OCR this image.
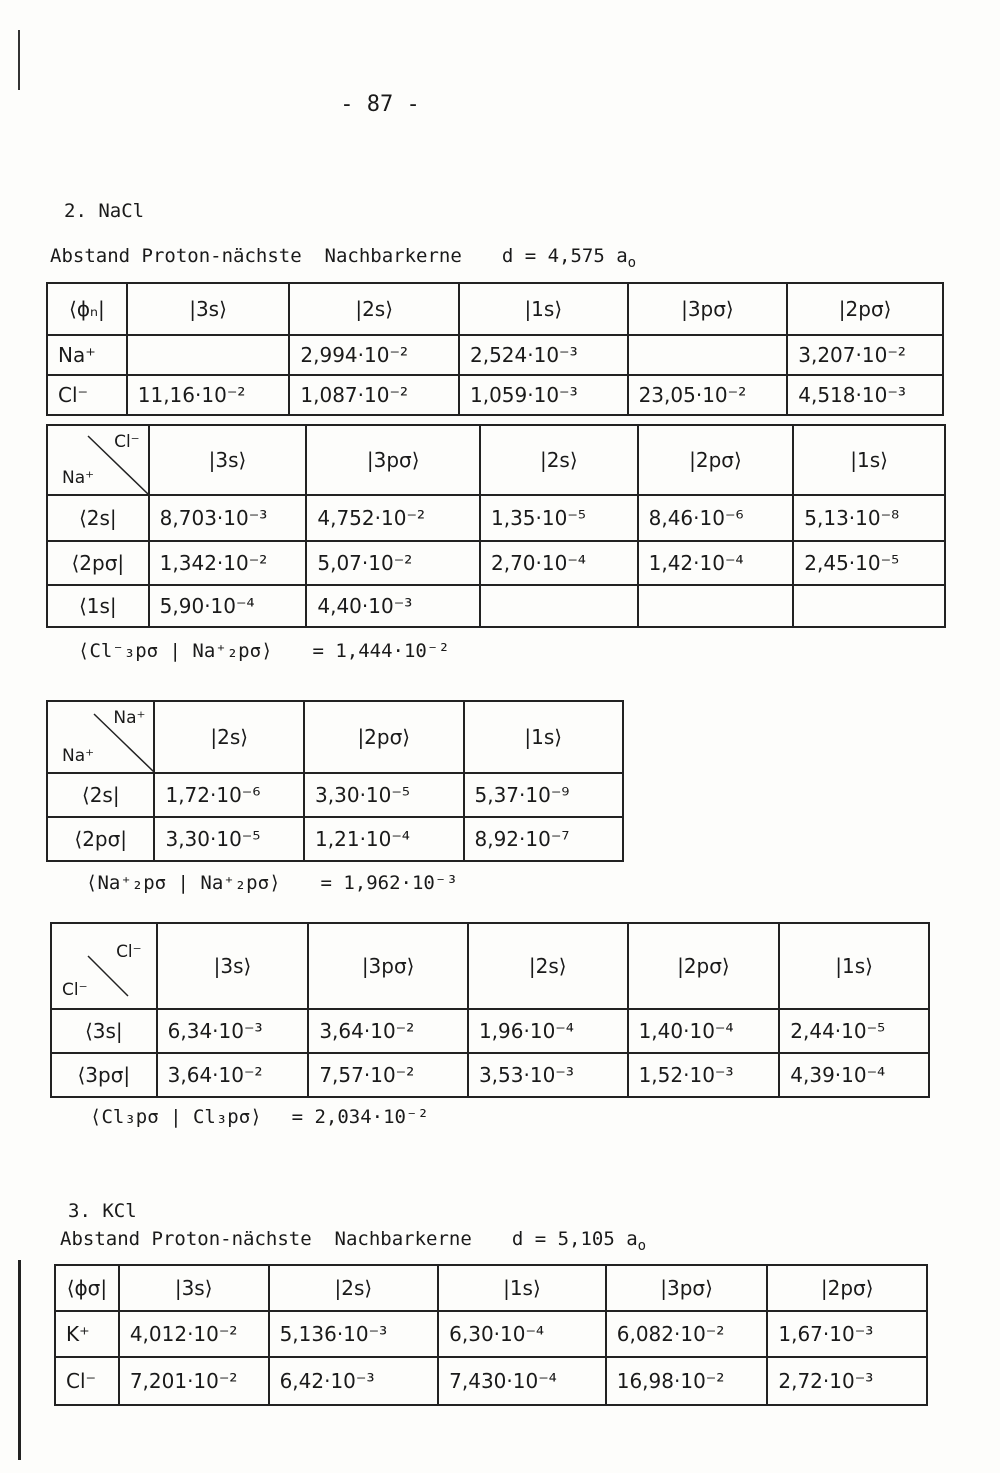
- 87 -
2. NaCl
Abstand Proton-nächste  Nachbarkerne d = 4,575 $a_o$
⟨ϕₙ|	|3s⟩	|2s⟩	|1s⟩	|3pσ⟩	|2pσ⟩
Na⁺		2,994·10⁻²	2,524·10⁻³		3,207·10⁻²
Cl⁻	11,16·10⁻²	1,087·10⁻²	1,059·10⁻³	23,05·10⁻²	4,518·10⁻³
Cl⁻
Na⁺	|3s⟩	|3pσ⟩	|2s⟩	|2pσ⟩	|1s⟩
⟨2s|	8,703·10⁻³	4,752·10⁻²	1,35·10⁻⁵	8,46·10⁻⁶	5,13·10⁻⁸
⟨2pσ|	1,342·10⁻²	5,07·10⁻²	2,70·10⁻⁴	1,42·10⁻⁴	2,45·10⁻⁵
⟨1s|	5,90·10⁻⁴	4,40·10⁻³			
⟨Cl⁻₃pσ | Na⁺₂pσ⟩ = 1,444·10⁻²
Na⁺
Na⁺	|2s⟩	|2pσ⟩	|1s⟩
⟨2s|	1,72·10⁻⁶	3,30·10⁻⁵	5,37·10⁻⁹
⟨2pσ|	3,30·10⁻⁵	1,21·10⁻⁴	8,92·10⁻⁷
⟨Na⁺₂pσ | Na⁺₂pσ⟩ = 1,962·10⁻³
Cl⁻
Cl⁻	|3s⟩	|3pσ⟩	|2s⟩	|2pσ⟩	|1s⟩
⟨3s|	6,34·10⁻³	3,64·10⁻²	1,96·10⁻⁴	1,40·10⁻⁴	2,44·10⁻⁵
⟨3pσ|	3,64·10⁻²	7,57·10⁻²	3,53·10⁻³	1,52·10⁻³	4,39·10⁻⁴
⟨Cl₃pσ | Cl₃pσ⟩ = 2,034·10⁻²
3. KCl
Abstand Proton-nächste  Nachbarkerne d = 5,105 $a_o$
⟨ϕσ|	|3s⟩	|2s⟩	|1s⟩	|3pσ⟩	|2pσ⟩
K⁺	4,012·10⁻²	5,136·10⁻³	6,30·10⁻⁴	6,082·10⁻²	1,67·10⁻³
Cl⁻	7,201·10⁻²	6,42·10⁻³	7,430·10⁻⁴	16,98·10⁻²	2,72·10⁻³
